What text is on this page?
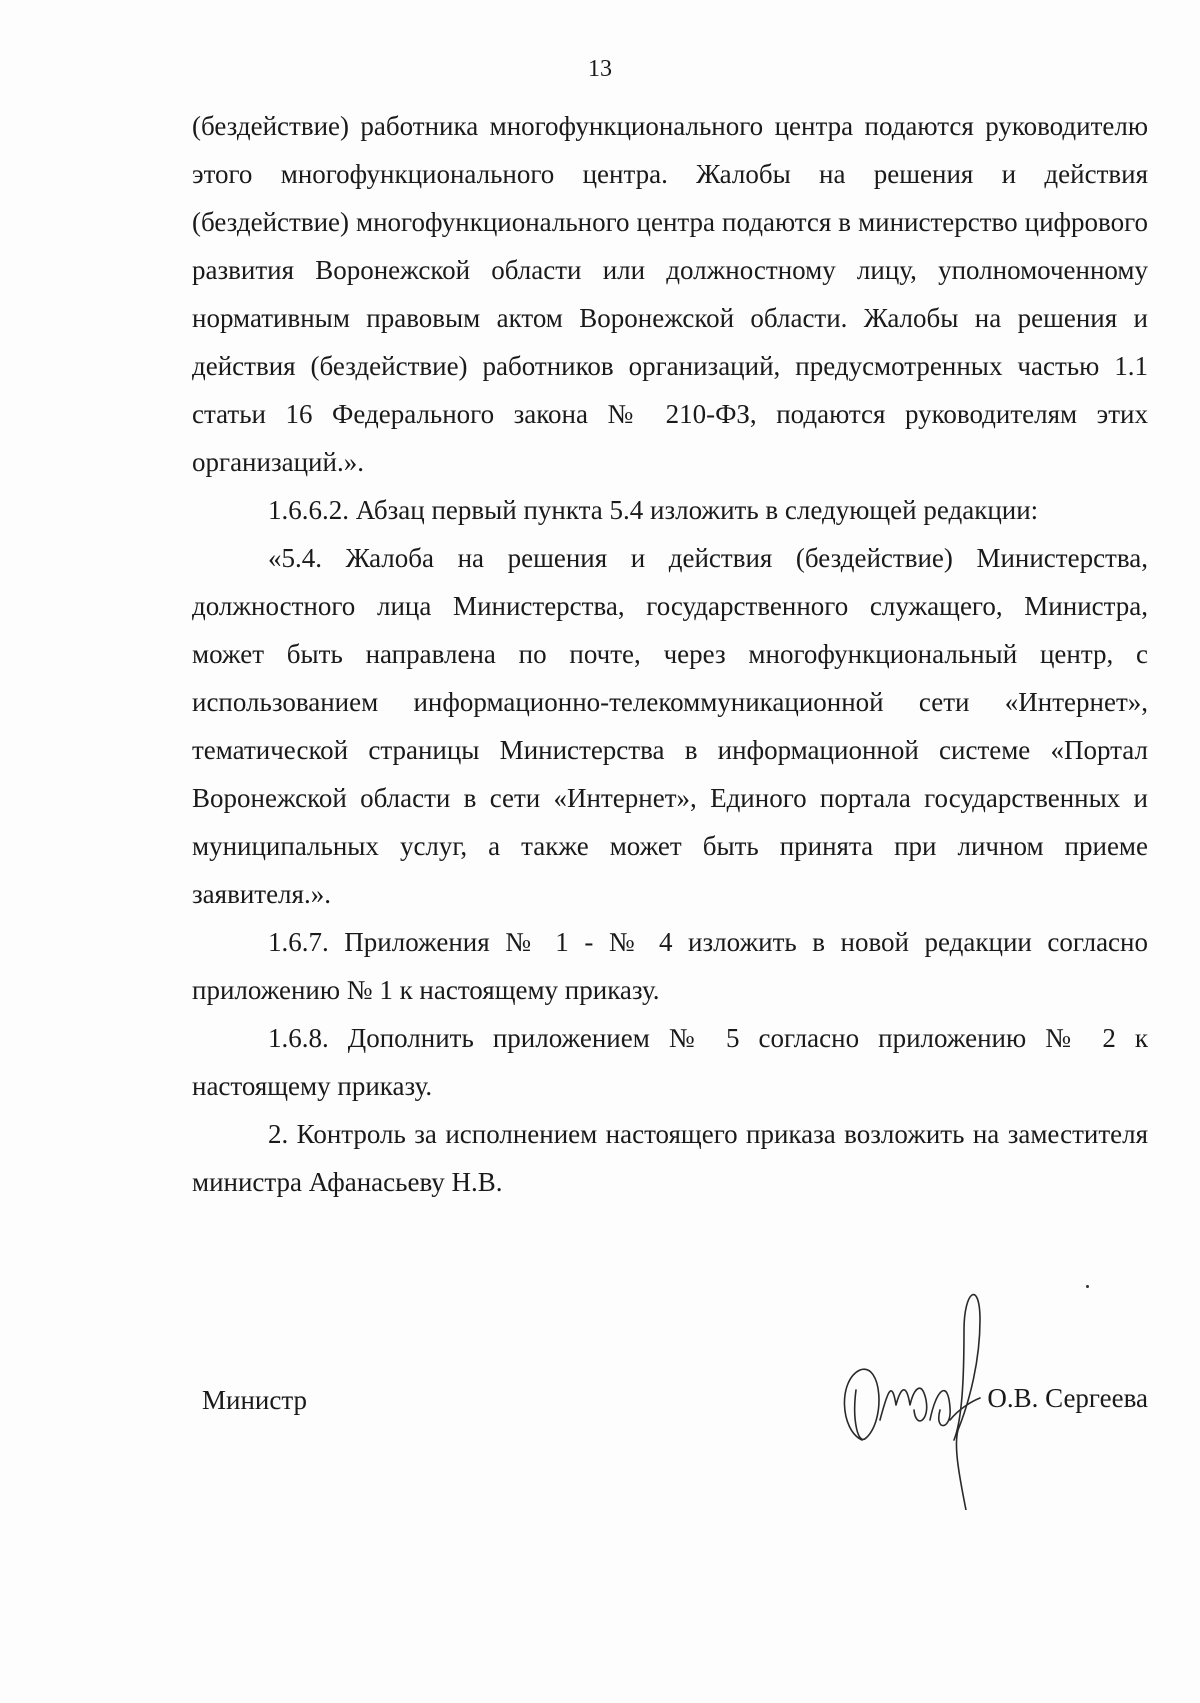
13

(бездействие) работника многофункционального центра подаются руководителю этого многофункционального центра. Жалобы на решения и действия (бездействие) многофункционального центра подаются в министерство цифрового развития Воронежской области или должностному лицу, уполномоченному нормативным правовым актом Воронежской области. Жалобы на решения и действия (бездействие) работников организаций, предусмотренных частью 1.1 статьи 16 Федерального закона № 210-ФЗ, подаются руководителям этих организаций.».

1.6.6.2. Абзац первый пункта 5.4 изложить в следующей редакции:

«5.4. Жалоба на решения и действия (бездействие) Министерства, должностного лица Министерства, государственного служащего, Министра, может быть направлена по почте, через многофункциональный центр, с использованием информационно-телекоммуникационной сети «Интернет», тематической страницы Министерства в информационной системе «Портал Воронежской области в сети «Интернет», Единого портала государственных и муниципальных услуг, а также может быть принята при личном приеме заявителя.».

1.6.7. Приложения № 1 - № 4 изложить в новой редакции согласно приложению № 1 к настоящему приказу.

1.6.8. Дополнить приложением № 5 согласно приложению № 2 к настоящему приказу.

2. Контроль за исполнением настоящего приказа возложить на заместителя министра Афанасьеву Н.В.

Министр	О.В. Сергеева
